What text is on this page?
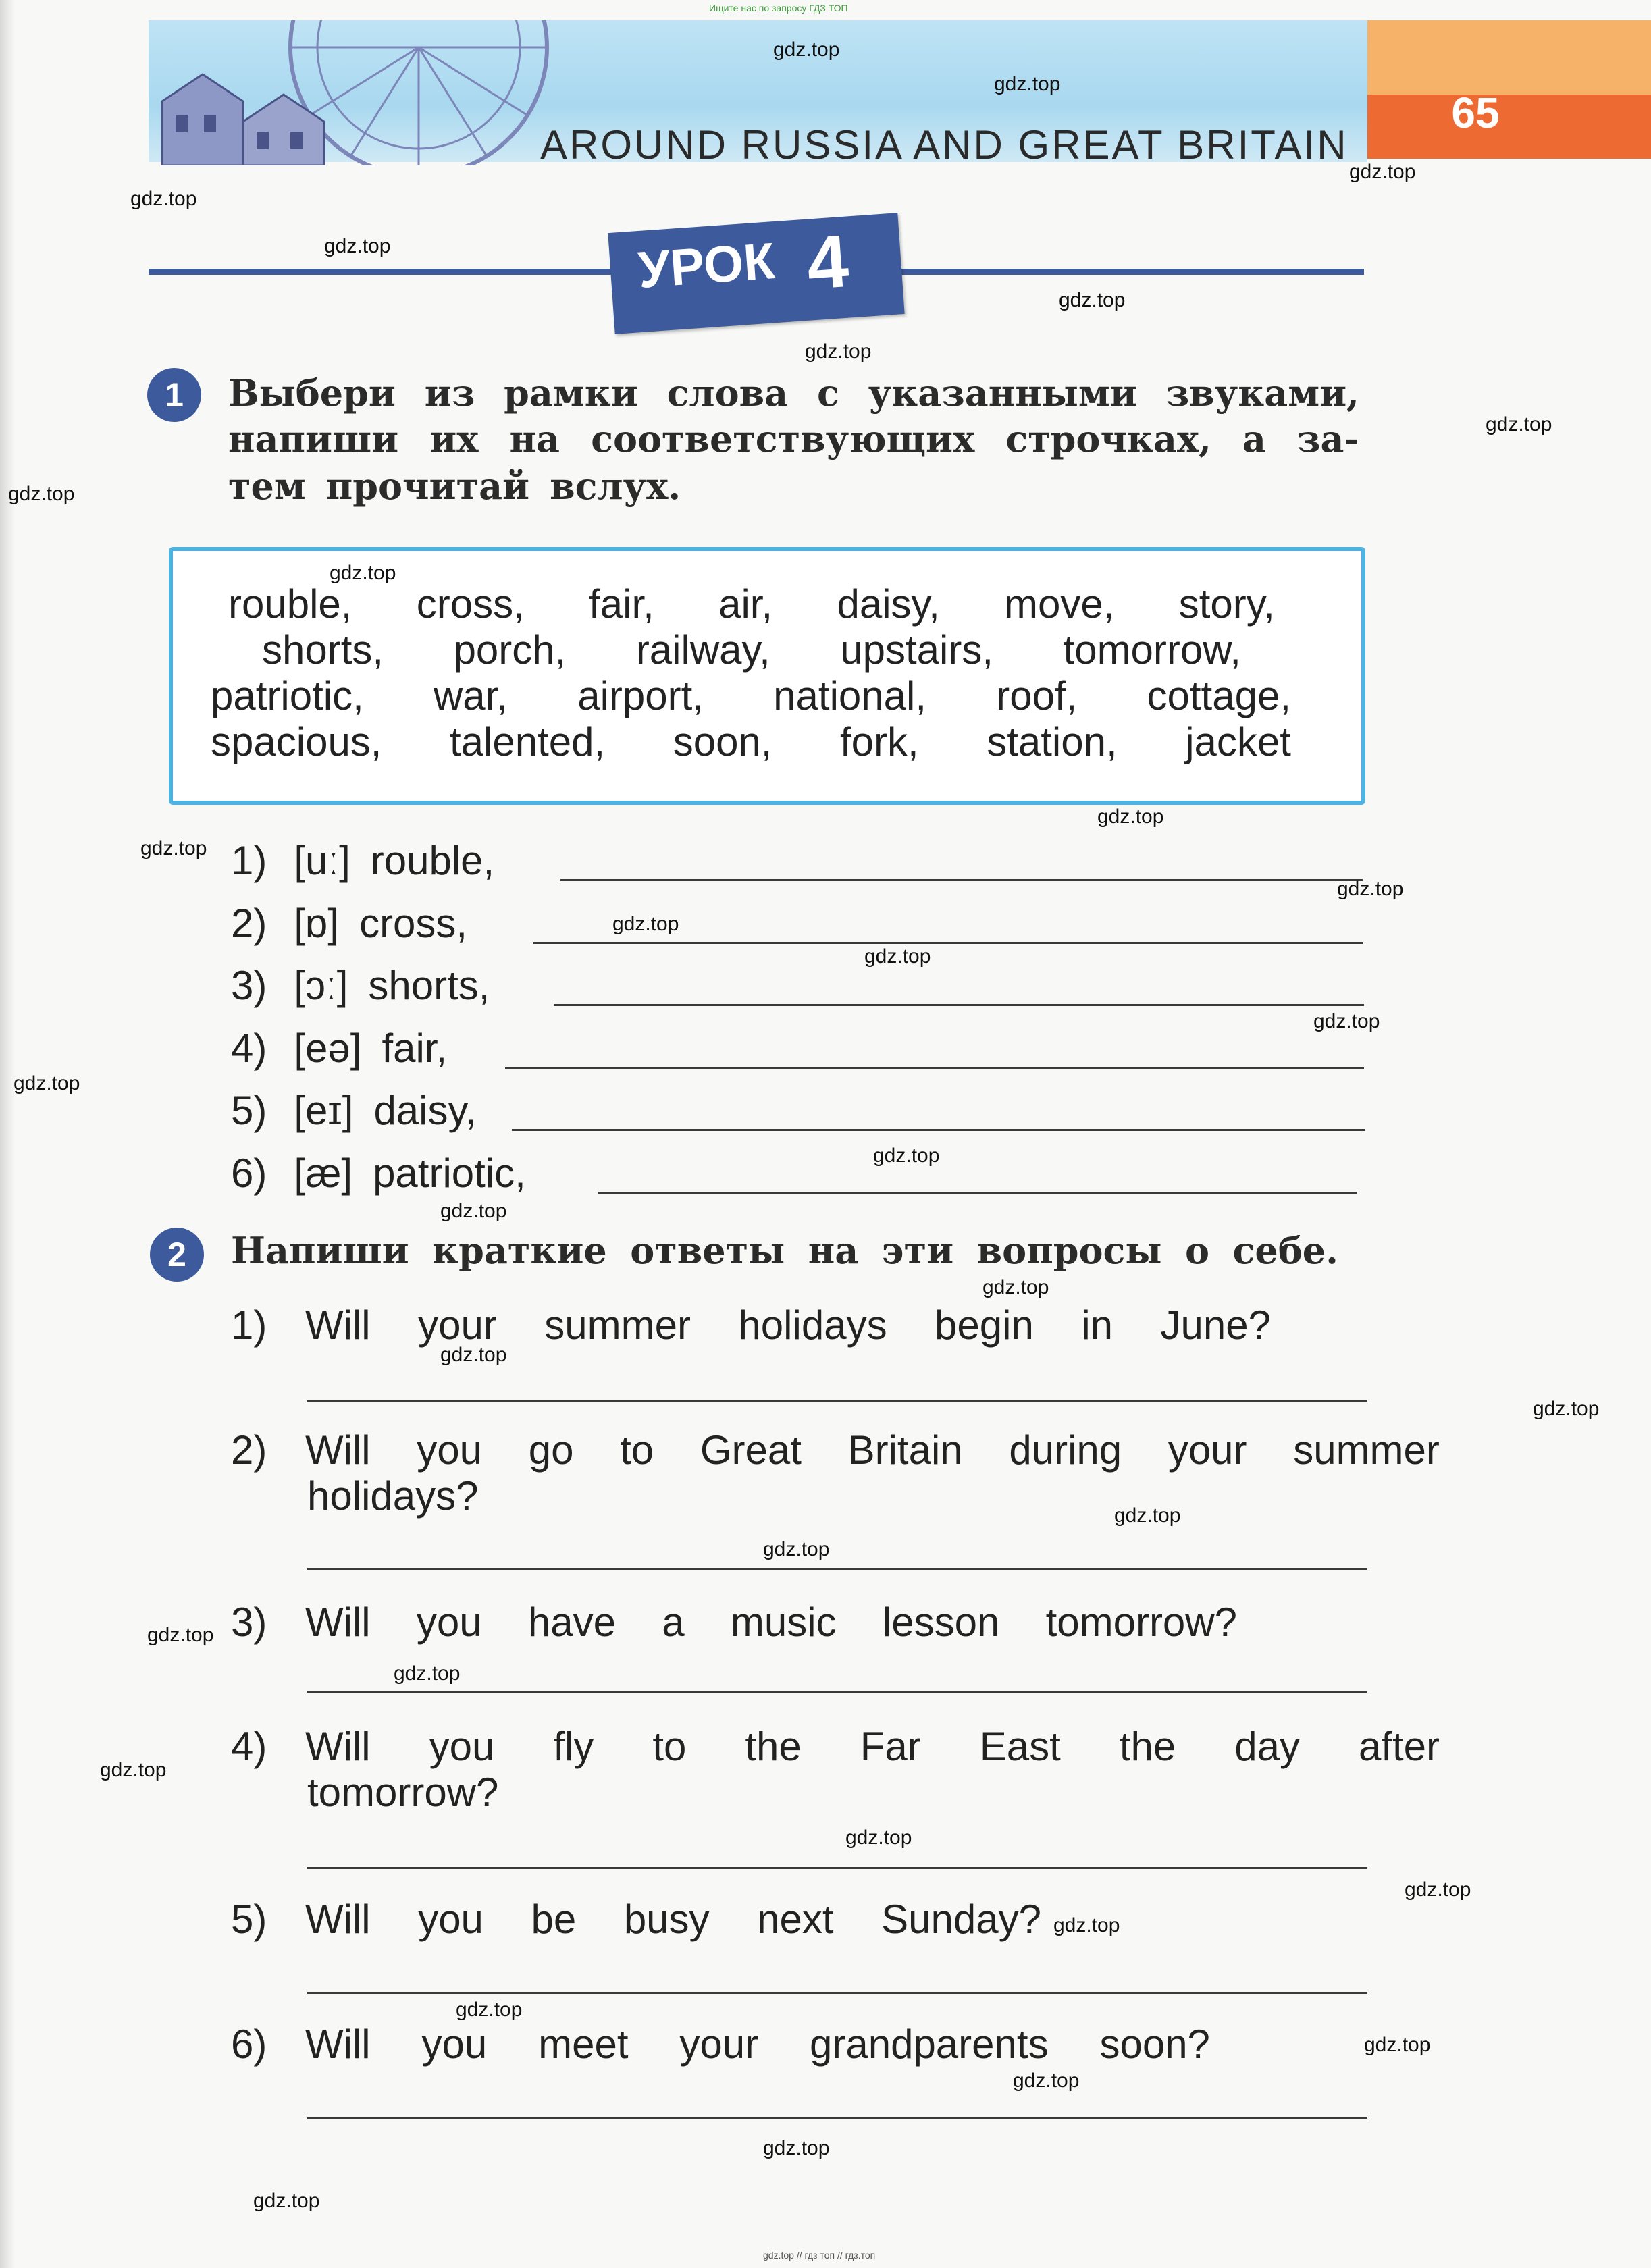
Ищите нас по запросу ГДЗ ТОП
65
AROUND RUSSIA AND GREAT BRITAIN
УРОК 4
1	Выбери из рамки слова с указанными звуками,
напиши их на соответствующих строчках, а за-
тем прочитай вслух.
rouble, cross, fair, air, daisy, move, story,
shorts, porch, railway, upstairs, tomorrow,
patriotic, war, airport, national, roof, cottage,
spacious, talented, soon, fork, station, jacket
1) [uː] rouble,
2) [ɒ] cross,
3) [ɔː] shorts,
4) [eə] fair,
5) [eɪ] daisy,
6) [æ] patriotic,
2	Напиши краткие ответы на эти вопросы о себе.
1) Will your summer holidays begin in June?
2) Will you go to Great Britain during your summer
holidays?
3) Will you have a music lesson tomorrow?
4) Will you fly to the Far East the day after
tomorrow?
5) Will you be busy next Sunday?
6) Will you meet your grandparents soon?
gdz.top
gdz.top
gdz.top
gdz.top
gdz.top
gdz.top
gdz.top
gdz.top
gdz.top
gdz.top
gdz.top
gdz.top
gdz.top
gdz.top
gdz.top
gdz.top
gdz.top
gdz.top
gdz.top
gdz.top
gdz.top
gdz.top
gdz.top
gdz.top
gdz.top
gdz.top
gdz.top
gdz.top
gdz.top
gdz.top
gdz.top
gdz.top
gdz.top
gdz.top
gdz.top
gdz.top // гдз топ // гдз.топ
